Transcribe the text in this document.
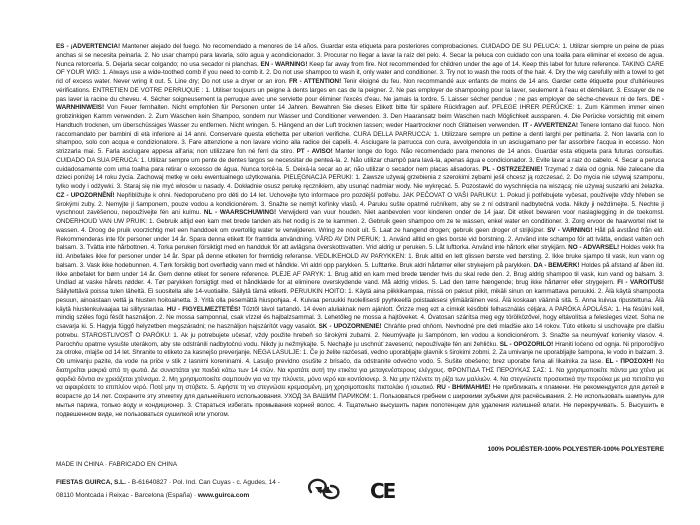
ES - ¡ADVERTENCIA! Mantener alejado del fuego. No recomendado a menores de 14 años. Guardar esta etiqueta para posteriores comprobaciones. CUIDADO DE SU PELUCA: 1. Utilizar siempre un peine de púas anchas si se necesita peinarla. 2. No usar champú para lavarla, sólo agua y acondicionador. 3. Procurar no llegar a lavar la raíz del pelo. 4. Secar la peluca con cuidado con una toalla para eliminar el exceso de agua. Nunca retorcerla. 5. Dejarla secar colgando; no usa secador ni planchas. EN - WARNING! Keep far away from fire. Not recommended for children under the age of 14. Keep this label for future reference. TAKING CARE OF YOUR WIG: 1. Always use a wide-toothed comb if you need to comb it. 2. Do not use shampoo to wash it, only water and conditioner. 3. Try not to wash the roots of the hair. 4. Dry the wig carefully with a towel to get rid of excess water. Never wring it out. 5. Line dry; Do not use a dryer or an iron. FR - ATTENTION! Tenir éloigné du feu. Non recommandé aux enfants de moins de 14 ans. Garder cette étiquette pour d'ultérieures vérifications. ENTRETIEN DE VOTRE PERRUQUE : 1. Utiliser toujours un peigne à dents larges en cas de la peigner. 2. Ne pas employer de shampooing pour la laver, seulement à l'eau et démêlant. 3. Essayer de ne pas laver la racine du cheveu. 4. Sécher soigneusement la perruque avec une serviette pour éliminer l'excès d'eau. Ne jamais la tordre. 5. Laisser sécher pendue ; ne pas employer de sèche-cheveux ni de fers. DE - WARNHINWEIS! Von Feuer fernhalten. Nicht empfohlen für Personen unter 14 Jahren. Bewahren Sie dieses Etikett bitte für spätere Rückfragen auf. PFLEGE IHRER PERÜCKE: 1. Zum Kämmen immer einen grobzinkigen Kamm verwenden. 2. Zum Waschen kein Shampoo, sondern nur Wasser und Conditioner verwenden. 3. Den Haaransatz beim Waschen nach Möglichkeit aussparen. 4. Die Perücke vorsichtig mit einem Handtuch trocknen, um überschüssiges Wasser zu entfernen. Nicht wringen. 5. Hängend an der Luft trocknen lassen; weder Haartrockner noch Glätteisen verwenden. IT - AVVERTENZA! Tenere lontano dal fuoco. Non raccomandato per bambini di età inferiore ai 14 anni. Conservare questa etichetta per ulteriori verifiche. CURA DELLA PARRUCCA: 1. Utilizzare sempre un pettine a denti larghi per pettinarla. 2. Non lavarla con lo shampoo, solo con acqua e condizionatore. 3. Fare attenzione a non lavare vicino alla radice dei capelli. 4. Asciugare la parrucca con cura, avvolgendola in un asciugamano per far assorbire l'acqua in eccesso. Non strizzarla mai. 5. Farla asciugare appesa all'aria; non utilizzare fon né ferri da stiro. PT - AVISO! Manter longe do fogo. Não recomendado para menores de 14 anos. Guardar esta etiqueta para futuras consultas. CUIDADO DA SUA PERUCA: 1. Utilizar sempre um pente de dentes largos se necessitar de penteá-la. 2. Não utilizar champô para lavá-la, apenas água e condicionador. 3. Evite lavar a raiz do cabelo. 4. Secar a peruca cuidadosamente com uma toalha para retirar o excesso de água. Nunca torcê-la. 5. Deixá-la secar ao ar; não utilizar o secador nem placas alisadoras. PL - OSTRZEŻENIE! Trzymać z dala od ognia. Nie zalecane dla dzieci poniżej 14 roku życia. Zachowaj metkę w celu ewentualnego użytkowania. PIELĘGNACJA PERUKI: 1. Zawsze używaj grzebienia z szerokimi zębami jeśli chcesz ją rozczesać. 2. Do mycia nie używaj szamponu, tylko wody i odżywki. 3. Staraj się nie myć włosów u nasady. 4. Dokładnie osusz perukę ręcznikiem, aby usunąć nadmiar wody. Nie wykręcać. 5. Pozostawić do wyschnięcia na wiszącą; nie używaj suszarki ani żelazka. CZ - UPOZORNĚNÍ! Nepřibližujte k ohni. Nedoporučeno pro děti do 14 let. Uchovejte tyto informace pro pozdější potřebu. JAK PEČOVAT O VAŠI PARUKU: 1. Pokud ji potřebujete vyčesat, používejte vždy hřeben se širokými zuby. 2. Nemyjte ji šamponem, pouze vodou a kondicionérem. 3. Snažte se nemýt kořínky vlasů. 4. Paruku sušte opatrně ručníkem, aby se z ní odstranil nadbytečná voda. Nikdy ji neždímejte. 5. Nechte ji vyschnout zavěšenou, nepoužívejte fén ani kulmu. NL - WAARSCHUWING! Verwijderd van vuur houden. Niet aanbevolen voor kinderen onder de 14 jaar. Dit etiket bewaren voor naslaglegging in de toekomst. ONDERHOUD VAN UW PRUIK: 1. Gebruik altijd een kam met brede tanden als het nodig is ze te kammen. 2. Gebruik geen shampoo om ze te wassen, enkel water en conditioner. 3. Zorg ervoor de haarwortel niet te wassen. 4. Droog de pruik voorzichtig met een handdoek om overtollig water te verwijderen. Wring ze nooit uit. 5. Laat ze hangend drogen; gebruik geen droger of strijkijzer. SV - VARNING! Håll på avstånd från eld. Rekommenderas inte för personer under 14 år. Spara denna etikett för framtida användning. VÅRD AV DIN PERUK: 1. Använd alltid en gles borste vid borstning. 2. Använd inte schampo för att tvätta, endast vatten och balsam. 3. Tvätta inte hårbottnen. 4. Torka peruken försiktigt med en handduk för att avlägsna överskottsvatten. Vrid aldrig ur peruken. 5. Låt lufttorka. Använd inte hårtork eller strykjärn. NO - ADVARSEL! Holdes vekk fra ild. Anbefales ikke for personer under 14 år. Spar på denne etiketen for fremtidig referanse. VEDLIKEHOLD AV PARYKKEN: 1. Bruk alltid en lett glissen børste ved børsting. 2. Ikke bruke sjampo til vask, kun vann og balsam. 3. Vask ikke hodebunnen. 4. Tørk forsiktig bort overflødig vann med et håndkle. Vri aldri opp parykken. 5. Lufttørke. Bruk aldri hårtørrer eller strykejern på parykken. DA - BEMÆRK! Holdes på afstand af åben ild. Ikke anbefalet for børn under 14 år. Gem denne etiket for senere reference. PLEJE AF PARYK: 1. Brug altid en kam med brede tænder hvis du skal rede den. 2. Brug aldrig shampoo til vask, kun vand og balsam. 3. Undlad at vaske hårets rødder. 4. Tør parykken forsigtigt med et håndklæde for at eliminere overskydende vand. Må aldrig vrides. 5. Lad den tørre hængende; brug ikke hårtørrer eller strygejern. FI - VAROITUS! Säilytettävä poissa tulen läheltä. Ei suositella alle 14-vuotiaille. Säilytä tämä etiketti. PERUUKIN HOITO: 1. Käytä aina piikkikampaa, missä on paksut piikit, mikäli sinun on kammattava peruukki. 2. Älä käytä shampoota pesuun, ainoastaan vettä ja hiusten hoitoainetta. 3. Yritä olla pesemättä hiuspohjaa. 4. Kuivaa peruukki huolellisesti pyyhkeellä poistaaksesi ylimääräinen vesi. Älä koskaan väännä sitä. 5. Anna kuivua ripustettuna. Älä käytä hiustenkuivaajaa tai silitysrautaa. HU - FIGYELMEZTETÉS! Tűztől távol tartandó. 14 éven aluliaknak nem ajánlott. Őrizze meg ezt a címkét későbbi felhasználás céljára. A PARÓKA ÁPOLÁSA: 1. Ha fésülni kell, mindig széles fogú fésűt használjon. 2. Ne mossa samponnal, csak vízzel és hajbalzsammal. 3. Lehetőleg ne mossa a hajtöveket. 4. Óvatosan szárítsa meg egy törölközővel, hogy eltávolítsa a felesleges vizet. Soha ne csavarja ki. 5. Hagyja függő helyzetben megszáradni; ne használjon hajszárítót vagy vasalót. SK - UPOZORNENIE! Chráňte pred ohňom. Nevhodné pre deti mladšie ako 14 rokov. Túto etiketu si uschovajte pre ďalšiu potrebu. STAROSTLIVOSŤ O PARÓKU: 1. Ak ju potrebujete učesať, vždy použite hrebeň so širokými zubami. 2. Neumývajte ju šampónom, len vodou a kondicionérom. 3. Snažte sa neumývať korienky vlasov. 4. Parochňu opatrne vysušte uterákom, aby ste odstránili nadbytočnú vodu. Nikdy ju nežmýkajte. 5. Nechajte ju uschnúť zavesenú; nepoužívajte fén ani žehličku. SL - OPOZORILO! Hraniti ločeno od ognja. Ni priporočljivo za otroke, mlajše od 14 let. Shranite to etiketo za kasnejšo preverjanje. NEGA LASULJE: 1. Če jo želite razčesati, vedno uporabljajte glavnik s širokimi zobmi. 2. Za umivanje ne uporabljajte šampona, le vodo in balzam. 3. Ob umivanju pazite, da vode na priče v stik z lasnimi koreninami. 4. Lasuljo previdno osušite z brisačo, da odstranite odvečno vodo. 5. Sušite obešeno; brez uporabe fena ali likalnika za lase. EL - ΠΡΟΣΟΧΗ! Να διατηρείται μακριά από τη φωτιά. Δε συνιστάται για παιδιά κάτω των 14 ετών. Να κρατάτε αυτή την ετικέτα για μεταγενέστερους ελέγχους. ΦΡΟΝΤΙΔΑ ΤΗΣ ΠΕΡΟΥΚΑΣ ΣΑΣ: 1. Να χρησιμοποιείτε πάντα μια χτένα με φαρδιά δόντια αν χρειάζεται χτένισμα. 2. Μη χρησιμοποιείτε σαμπουάν για να την πλύνετε, μόνο νερό και κοντίσιονερ. 3. Να μην πλένετε τη ρίζα των μαλλιών. 4. Να στεγνώνετε προσεκτικά την περούκα με μια πετσέτα για να αφαιρέσετε το επιπλέον νερό. Ποτέ μην τη στύβετε. 5. Αφήστε τη να στεγνώσει κρεμασμένη, μη χρησιμοποιείτε πιστολάκι ή ισιωτικό. RU - ВНИМАНИЕ! Не приближать к пламени. Не рекомендуется для детей в возрасте до 14 лет. Сохраните эту этикетку для дальнейшего использования. УХОД ЗА ВАШИМ ПАРИКОМ: 1. Пользоваться гребнем с широкими зубьями для расчёсывания. 2. Не использовать шампунь для мытья парика, только воду и кондиционер. 3. Стараться избегать промывания корней волос. 4. Тщательно высушить парик полотенцем для удаления излишней влаги. Не перекручивать. 5. Высушить в подвешенном виде, не пользоваться сушилкой или утюгом.
100% POLIÉSTER-100% POLYESTER-100% POLYESTERE
MADE IN CHINA · FABRICADO EN CHINA
FIESTAS GUIRCA, S.L. - B-61640827 · Pol. Ind. Can Cuyas - c. Agudes, 14 -
08110 Montcada i Reixac - Barcelona (España) · www.guirca.com	CE
